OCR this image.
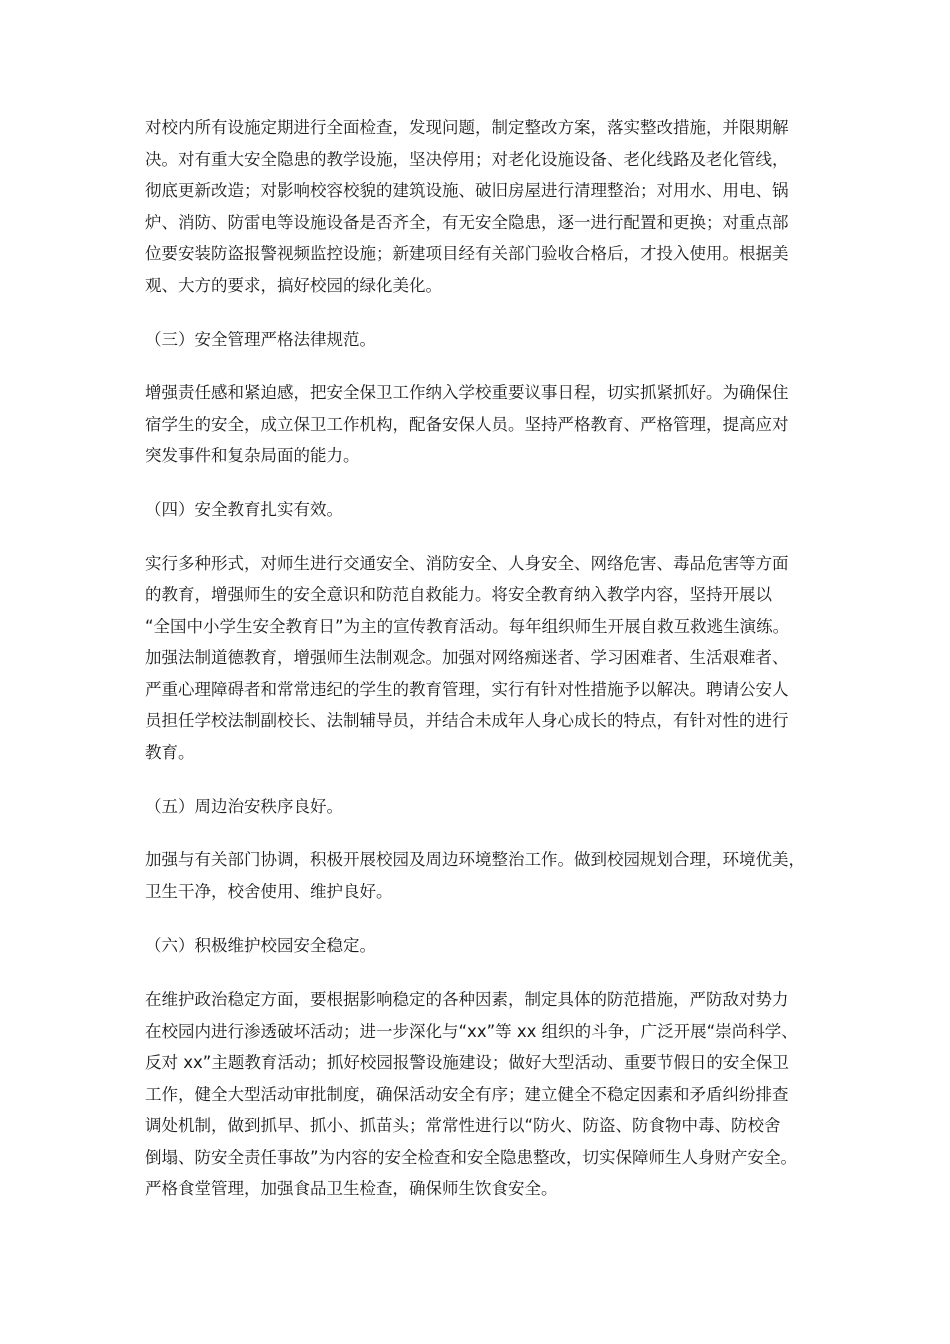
对校内所有设施定期进行全面检查，发现问题，制定整改方案，落实整改措施，并限期解
决。对有重大安全隐患的教学设施，坚决停用；对老化设施设备、老化线路及老化管线，
彻底更新改造；对影响校容校貌的建筑设施、破旧房屋进行清理整治；对用水、用电、锅
炉、消防、防雷电等设施设备是否齐全，有无安全隐患，逐一进行配置和更换；对重点部
位要安装防盗报警视频监控设施；新建项目经有关部门验收合格后，才投入使用。根据美
观、大方的要求，搞好校园的绿化美化。
（三）安全管理严格法律规范。
增强责任感和紧迫感，把安全保卫工作纳入学校重要议事日程，切实抓紧抓好。为确保住
宿学生的安全，成立保卫工作机构，配备安保人员。坚持严格教育、严格管理，提高应对
突发事件和复杂局面的能力。
（四）安全教育扎实有效。
实行多种形式，对师生进行交通安全、消防安全、人身安全、网络危害、毒品危害等方面
的教育，增强师生的安全意识和防范自救能力。将安全教育纳入教学内容，坚持开展以
“全国中小学生安全教育日”为主的宣传教育活动。每年组织师生开展自救互救逃生演练。
加强法制道德教育，增强师生法制观念。加强对网络痴迷者、学习困难者、生活艰难者、
严重心理障碍者和常常违纪的学生的教育管理，实行有针对性措施予以解决。聘请公安人
员担任学校法制副校长、法制辅导员，并结合未成年人身心成长的特点，有针对性的进行
教育。
（五）周边治安秩序良好。
加强与有关部门协调，积极开展校园及周边环境整治工作。做到校园规划合理，环境优美，
卫生干净，校舍使用、维护良好。
（六）积极维护校园安全稳定。
在维护政治稳定方面，要根据影响稳定的各种因素，制定具体的防范措施，严防敌对势力
在校园内进行渗透破坏活动；进一步深化与“xx”等 xx 组织的斗争，广泛开展“崇尚科学、
反对 xx”主题教育活动；抓好校园报警设施建设；做好大型活动、重要节假日的安全保卫
工作，健全大型活动审批制度，确保活动安全有序；建立健全不稳定因素和矛盾纠纷排查
调处机制，做到抓早、抓小、抓苗头；常常性进行以“防火、防盗、防食物中毒、防校舍
倒塌、防安全责任事故”为内容的安全检查和安全隐患整改，切实保障师生人身财产安全。
严格食堂管理，加强食品卫生检查，确保师生饮食安全。
